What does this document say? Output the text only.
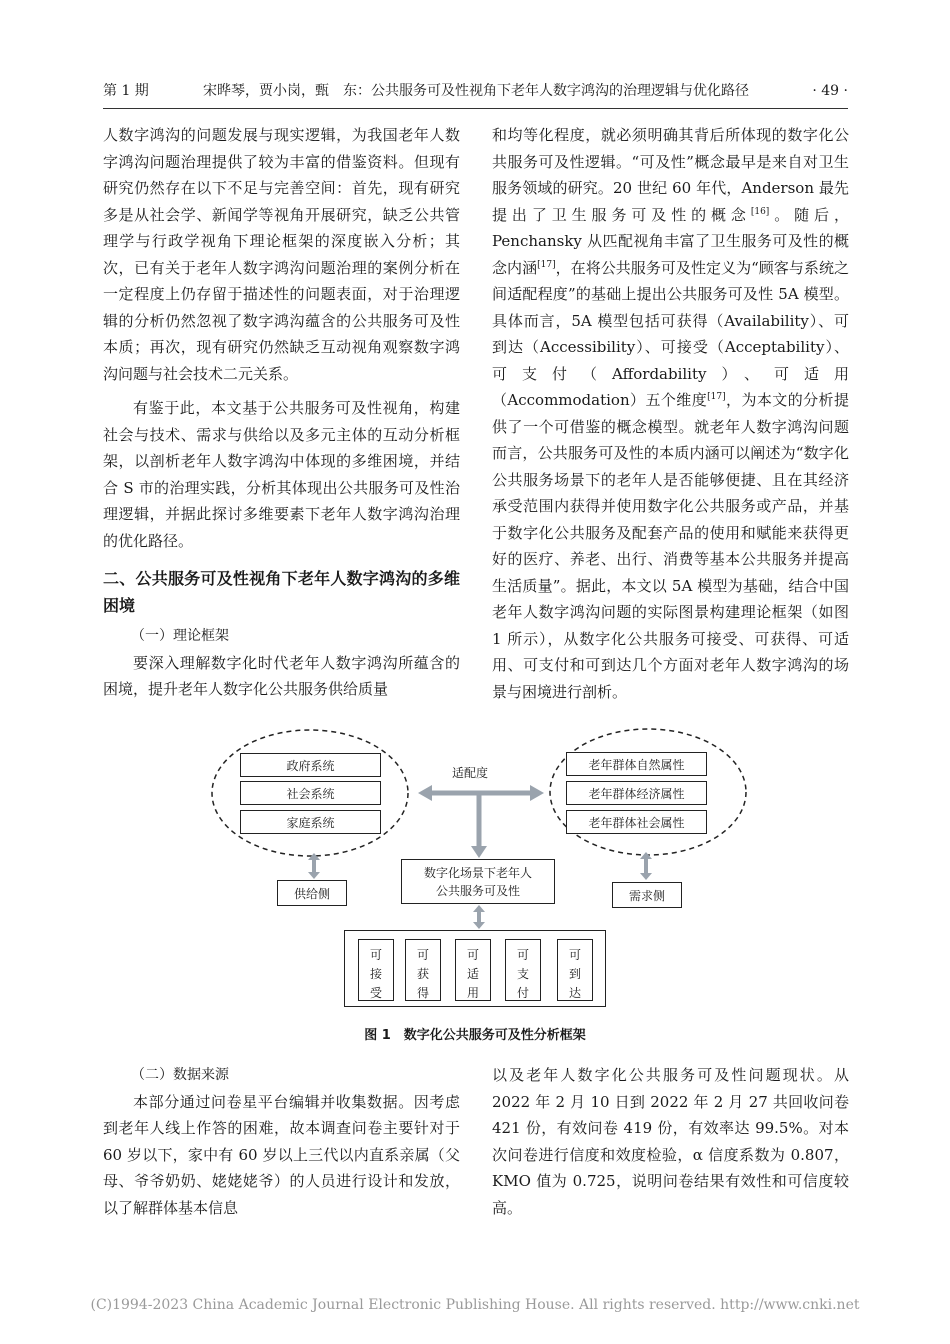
第 1 期	宋晔琴，贾小岗，甄　东：公共服务可及性视角下老年人数字鸿沟的治理逻辑与优化路径	· 49 ·

人数字鸿沟的问题发展与现实逻辑，为我国老年人数字鸿沟问题治理提供了较为丰富的借鉴资料。但现有研究仍然存在以下不足与完善空间：首先，现有研究多是从社会学、新闻学等视角开展研究，缺乏公共管理学与行政学视角下理论框架的深度嵌入分析；其次，已有关于老年人数字鸿沟问题治理的案例分析在一定程度上仍存留于描述性的问题表面，对于治理逻辑的分析仍然忽视了数字鸿沟蕴含的公共服务可及性本质；再次，现有研究仍然缺乏互动视角观察数字鸿沟问题与社会技术二元关系。

有鉴于此，本文基于公共服务可及性视角，构建社会与技术、需求与供给以及多元主体的互动分析框架，以剖析老年人数字鸿沟中体现的多维困境，并结合 S 市的治理实践，分析其体现出公共服务可及性治理逻辑，并据此探讨多维要素下老年人数字鸿沟治理的优化路径。

二、公共服务可及性视角下老年人数字鸿沟的多维困境
（一）理论框架

要深入理解数字化时代老年人数字鸿沟所蕴含的困境，提升老年人数字化公共服务供给质量

和均等化程度，就必须明确其背后所体现的数字化公共服务可及性逻辑。“可及性”概念最早是来自对卫生服务领域的研究。20 世纪 60 年代，Anderson 最先提出了卫生服务可及性的概念[16]。随后，Penchansky 从匹配视角丰富了卫生服务可及性的概念内涵[17]，在将公共服务可及性定义为“顾客与系统之间适配程度”的基础上提出公共服务可及性 5A 模型。具体而言，5A 模型包括可获得（Availability）、可到达（Accessibility）、可接受（Acceptability）、可支付（Affordability）、可适用（Accommodation）五个维度[17]，为本文的分析提供了一个可借鉴的概念模型。就老年人数字鸿沟问题而言，公共服务可及性的本质内涵可以阐述为“数字化公共服务场景下的老年人是否能够便捷、且在其经济承受范围内获得并使用数字化公共服务或产品，并基于数字化公共服务及配套产品的使用和赋能来获得更好的医疗、养老、出行、消费等基本公共服务并提高生活质量”。据此，本文以 5A 模型为基础，结合中国老年人数字鸿沟问题的实际图景构建理论框架（如图 1 所示），从数字化公共服务可接受、可获得、可适用、可支付和可到达几个方面对老年人数字鸿沟的场景与困境进行剖析。

政府系统
社会系统
家庭系统
老年群体自然属性
老年群体经济属性
老年群体社会属性
适配度
数字化场景下老年人
公共服务可及性
供给侧	需求侧
可
接
受
可
获
得
可
适
用
可
支
付
可
到
达
图 1　数字化公共服务可及性分析框架
（二）数据来源

本部分通过问卷星平台编辑并收集数据。因考虑到老年人线上作答的困难，故本调查问卷主要针对于 60 岁以下，家中有 60 岁以上三代以内直系亲属（父母、爷爷奶奶、姥姥姥爷）的人员进行设计和发放，以了解群体基本信息

以及老年人数字化公共服务可及性问题现状。从 2022 年 2 月 10 日到 2022 年 2 月 27 共回收问卷 421 份，有效问卷 419 份，有效率达 99.5%。对本次问卷进行信度和效度检验，α 信度系数为 0.807，KMO 值为 0.725，说明问卷结果有效性和可信度较高。

(C)1994-2023 China Academic Journal Electronic Publishing House. All rights reserved. http://www.cnki.net
